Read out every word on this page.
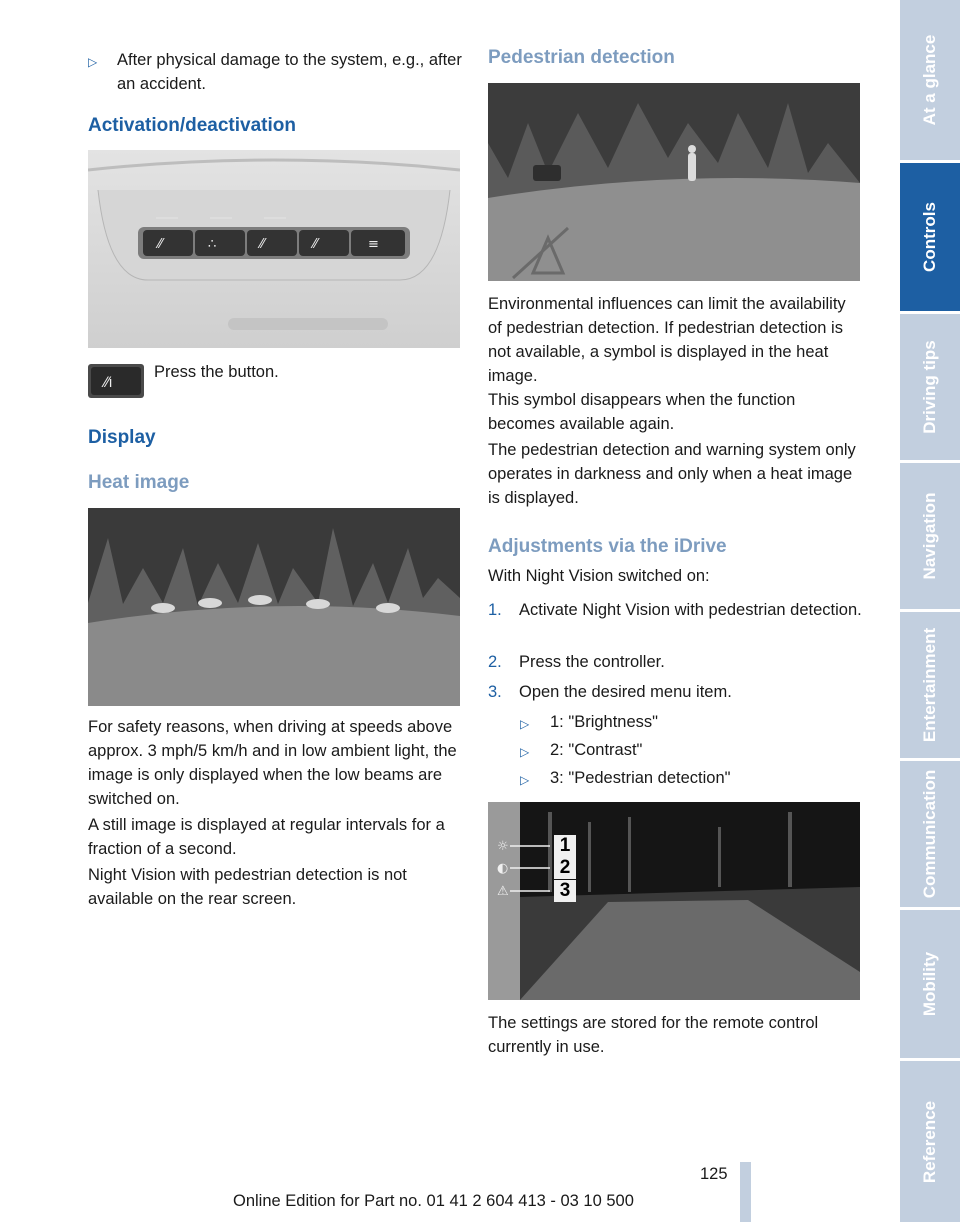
▷ After physical damage to the system, e.g., after an accident.
Activation/deactivation
⁄⁄	∴	⁄⁄	⁄⁄	≡
⁄⁄ı
Press the button.
Display
Heat image
For safety reasons, when driving at speeds above approx. 3 mph/5 km/h and in low ambient light, the image is only displayed when the low beams are switched on.
A still image is displayed at regular intervals for a fraction of a second.
Night Vision with pedestrian detection is not available on the rear screen.
Pedestrian detection
Environmental influences can limit the availability of pedestrian detection. If pedestrian detection is not available, a symbol is displayed in the heat image.
This symbol disappears when the function becomes available again.
The pedestrian detection and warning system only operates in darkness and only when a heat image is displayed.
Adjustments via the iDrive
With Night Vision switched on:
1. Activate Night Vision with pedestrian detection.
2. Press the controller.
3. Open the desired menu item.
▷ 1: "Brightness"
▷ 2: "Contrast"
▷ 3: "Pedestrian detection"
☼
◐
⚠
1
2
3
The settings are stored for the remote control currently in use.
125
Online Edition for Part no. 01 41 2 604 413 - 03 10 500
At a glance
Controls
Driving tips
Navigation
Entertainment
Communication
Mobility
Reference
